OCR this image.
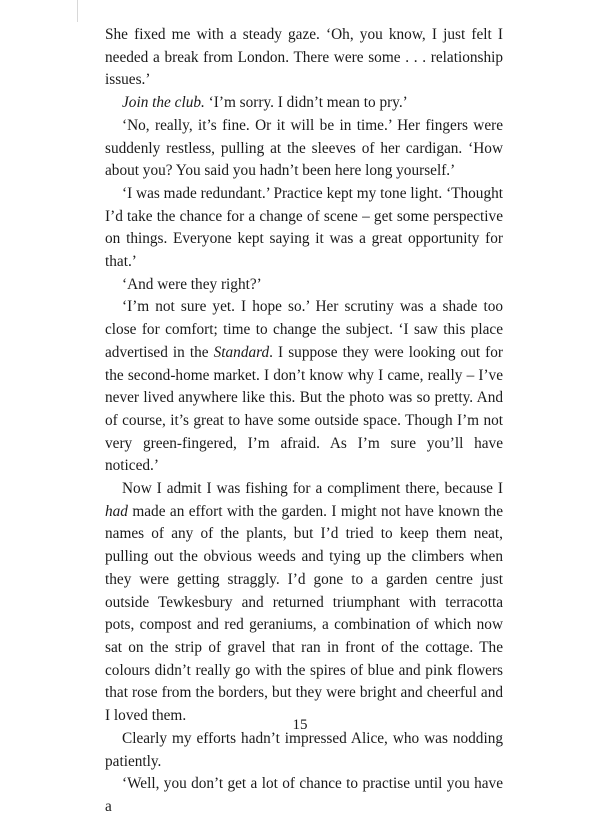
She fixed me with a steady gaze. ‘Oh, you know, I just felt I needed a break from London. There were some . . . relationship issues.’

Join the club. ‘I’m sorry. I didn’t mean to pry.’

‘No, really, it’s fine. Or it will be in time.’ Her fingers were suddenly restless, pulling at the sleeves of her cardigan. ‘How about you? You said you hadn’t been here long yourself.’

‘I was made redundant.’ Practice kept my tone light. ‘Thought I’d take the chance for a change of scene – get some perspective on things. Everyone kept saying it was a great opportunity for that.’

‘And were they right?’

‘I’m not sure yet. I hope so.’ Her scrutiny was a shade too close for comfort; time to change the subject. ‘I saw this place advertised in the Standard. I suppose they were looking out for the second-home market. I don’t know why I came, really – I’ve never lived anywhere like this. But the photo was so pretty. And of course, it’s great to have some outside space. Though I’m not very green-fingered, I’m afraid. As I’m sure you’ll have noticed.’

Now I admit I was fishing for a compliment there, because I had made an effort with the garden. I might not have known the names of any of the plants, but I’d tried to keep them neat, pulling out the obvious weeds and tying up the climbers when they were getting straggly. I’d gone to a garden centre just outside Tewkesbury and returned triumphant with terracotta pots, compost and red geraniums, a combination of which now sat on the strip of gravel that ran in front of the cottage. The colours didn’t really go with the spires of blue and pink flowers that rose from the borders, but they were bright and cheerful and I loved them.

Clearly my efforts hadn’t impressed Alice, who was nodding patiently.

‘Well, you don’t get a lot of chance to practise until you have a

15
